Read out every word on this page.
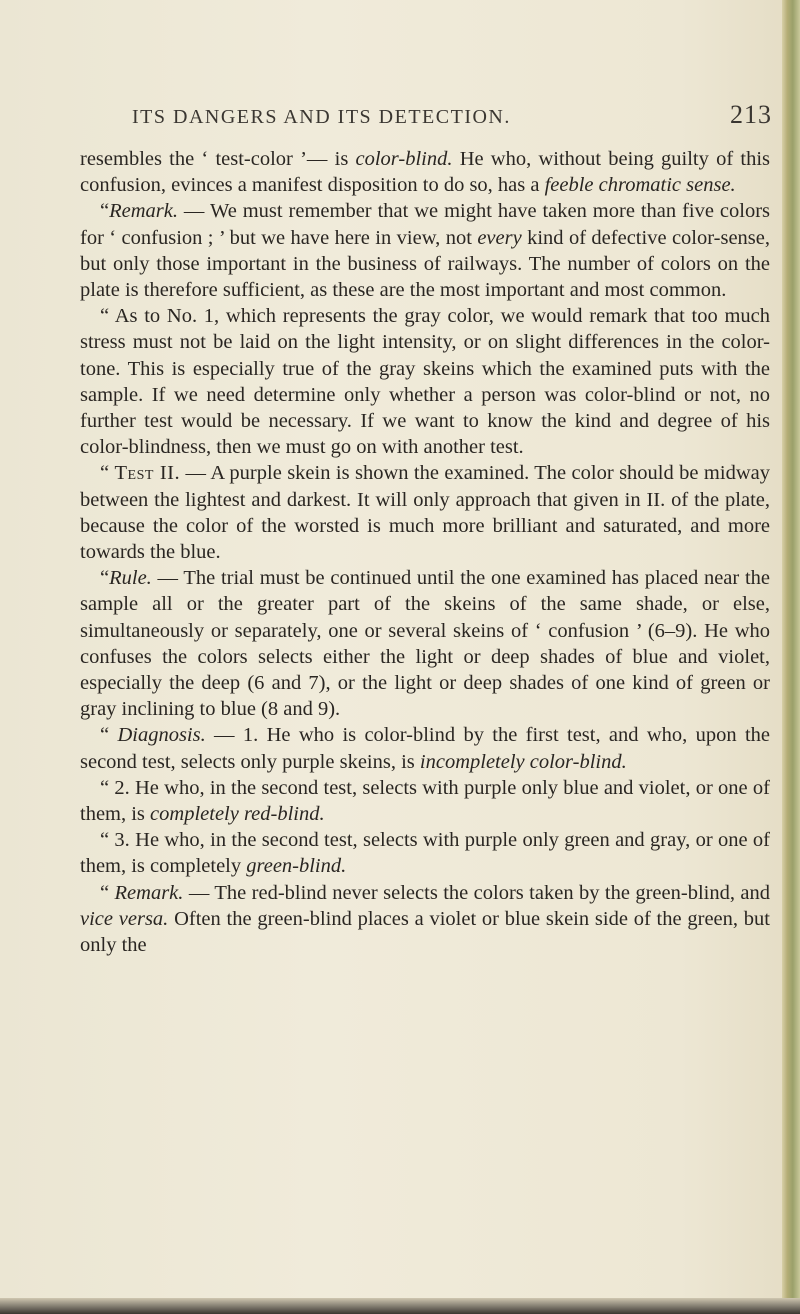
ITS DANGERS AND ITS DETECTION.	213

resembles the ‘ test-color ’— is color-blind. He who, without being guilty of this confusion, evinces a manifest disposition to do so, has a feeble chromatic sense.

“Remark. — We must remember that we might have taken more than five colors for ‘ confusion ; ’ but we have here in view, not every kind of defective color-sense, but only those important in the business of railways. The number of colors on the plate is therefore sufficient, as these are the most important and most common.

“ As to No. 1, which represents the gray color, we would remark that too much stress must not be laid on the light intensity, or on slight differences in the color-tone. This is especially true of the gray skeins which the examined puts with the sample. If we need determine only whether a person was color-blind or not, no further test would be necessary. If we want to know the kind and degree of his color-blindness, then we must go on with another test.

“ Test II. — A purple skein is shown the examined. The color should be midway between the lightest and darkest. It will only approach that given in II. of the plate, because the color of the worsted is much more brilliant and saturated, and more towards the blue.

“Rule. — The trial must be continued until the one examined has placed near the sample all or the greater part of the skeins of the same shade, or else, simultaneously or separately, one or several skeins of ‘ confusion ’ (6–9). He who confuses the colors selects either the light or deep shades of blue and violet, especially the deep (6 and 7), or the light or deep shades of one kind of green or gray inclining to blue (8 and 9).

“ Diagnosis. — 1. He who is color-blind by the first test, and who, upon the second test, selects only purple skeins, is incompletely color-blind.

“ 2. He who, in the second test, selects with purple only blue and violet, or one of them, is completely red-blind.

“ 3. He who, in the second test, selects with purple only green and gray, or one of them, is completely green-blind.

“ Remark. — The red-blind never selects the colors taken by the green-blind, and vice versa. Often the green-blind places a violet or blue skein side of the green, but only the
